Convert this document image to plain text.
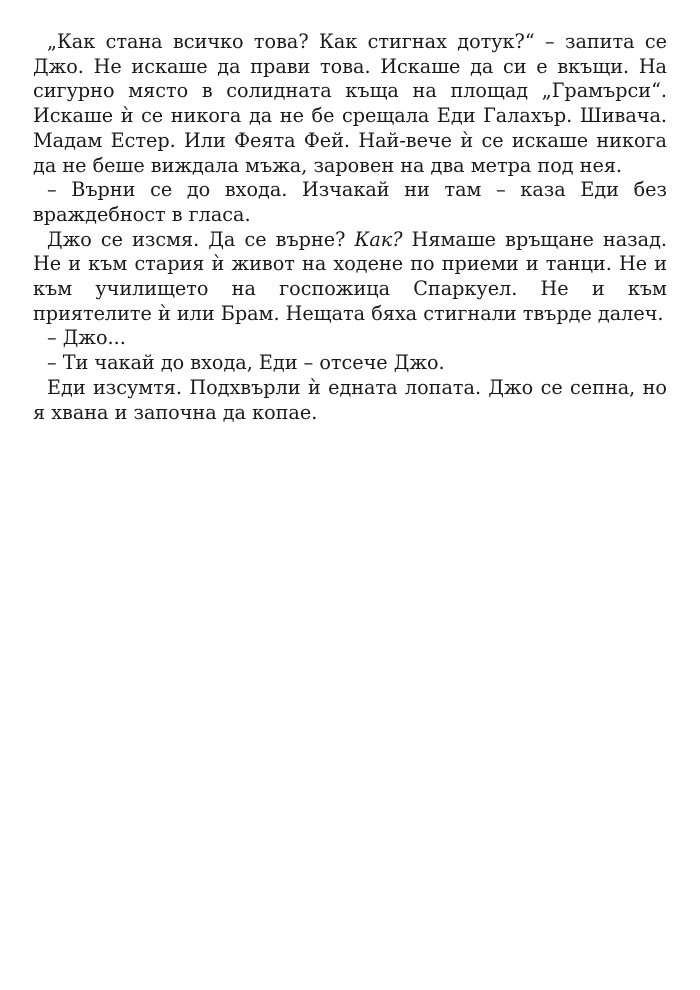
„Как стана всичко това? Как стигнах дотук?“ – запита се Джо. Не искаше да прави това. Искаше да си е вкъщи. На сигурно място в солидната къща на площад „Грамърси“. Искаше ѝ се никога да не бе срещала Еди Галахър. Шивача. Мадам Естер. Или Феята Фей. Най-вече ѝ се искаше никога да не беше виждала мъжа, заровен на два метра под нея.

– Върни се до входа. Изчакай ни там – каза Еди без враждебност в гласа.

Джо се изсмя. Да се върне? Как? Нямаше връщане назад. Не и към стария ѝ живот на ходене по приеми и танци. Не и към училището на госпожица Спаркуел. Не и към приятелите ѝ или Брам. Нещата бяха стигнали твърде далеч.

– Джо...

– Ти чакай до входа, Еди – отсече Джо.

Еди изсумтя. Подхвърли ѝ едната лопата. Джо се сепна, но я хвана и започна да копае.
